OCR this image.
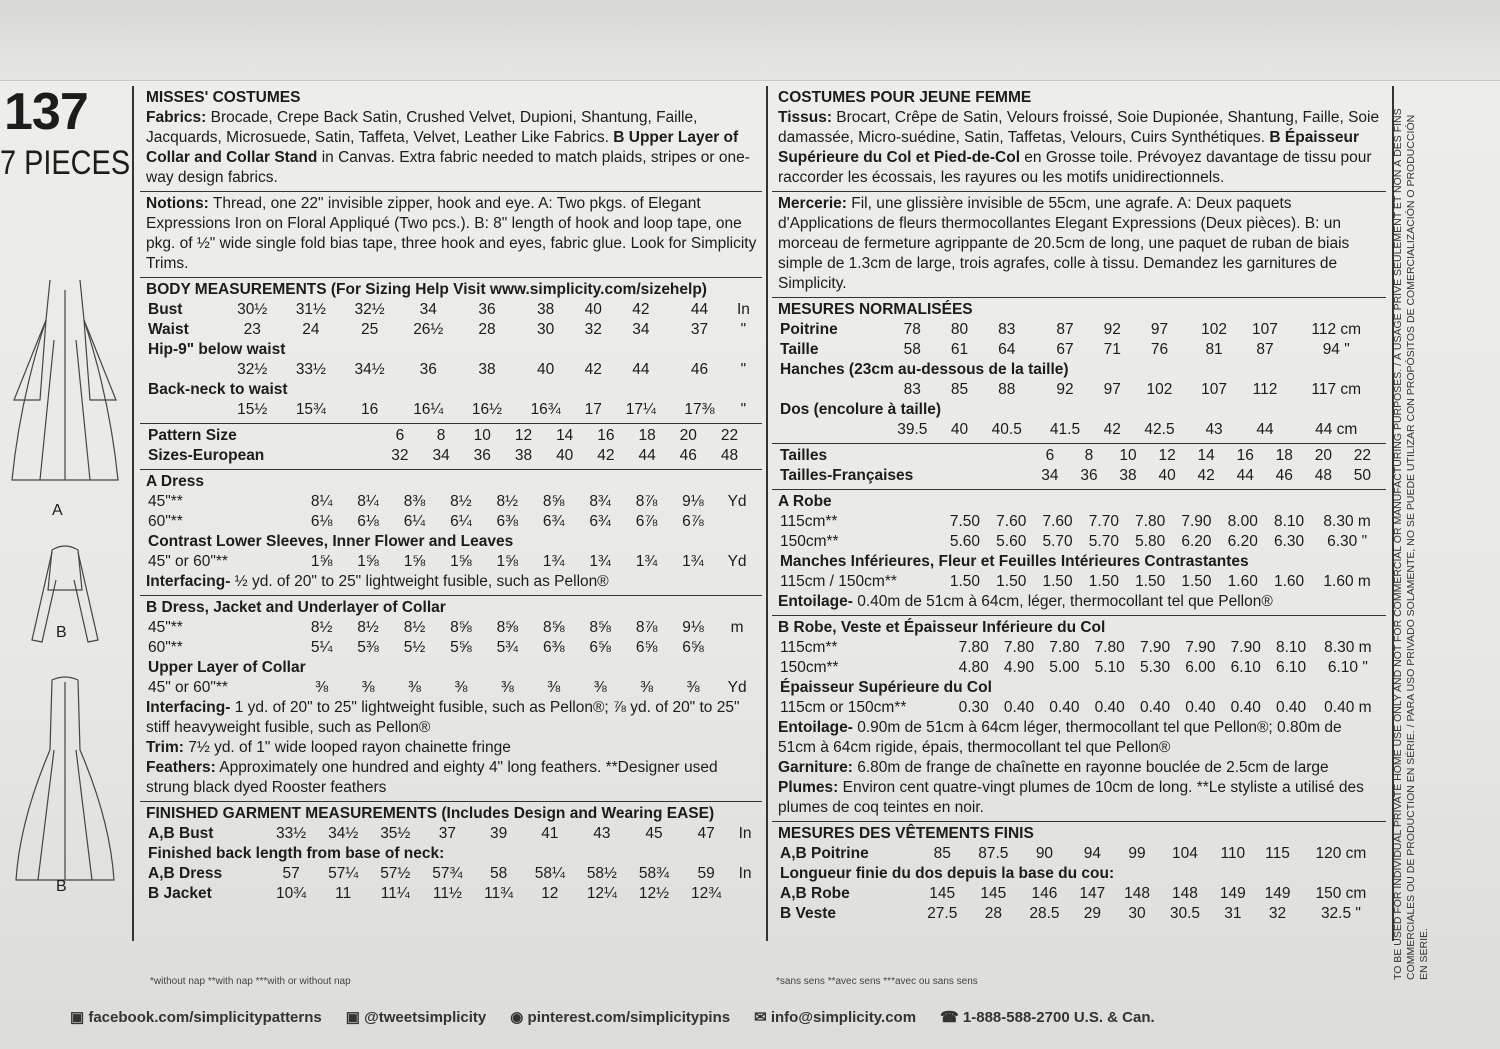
137
7 PIECES
A
B
B
MISSES' COSTUMES

Fabrics: Brocade, Crepe Back Satin, Crushed Velvet, Dupioni, Shantung, Faille, Jacquards, Microsuede, Satin, Taffeta, Velvet, Leather Like Fabrics. B Upper Layer of Collar and Collar Stand in Canvas. Extra fabric needed to match plaids, stripes or one-way design fabrics.

Notions: Thread, one 22" invisible zipper, hook and eye. A: Two pkgs. of Elegant Expressions Iron on Floral Appliqué (Two pcs.). B: 8" length of hook and loop tape, one pkg. of ½" wide single fold bias tape, three hook and eyes, fabric glue. Look for Simplicity Trims.

BODY MEASUREMENTS (For Sizing Help Visit www.simplicity.com/sizehelp)
Bust	30½	31½	32½	34	36	38	40	42	44	In
Waist	23	24	25	26½	28	30	32	34	37	"
Hip-9" below waist										
	32½	33½	34½	36	38	40	42	44	46	"
Back-neck to waist										
	15½	15¾	16	16¼	16½	16¾	17	17¼	17⅜	"
Pattern Size	6	8	10	12	14	16	18	20	22	
Sizes-European	32	34	36	38	40	42	44	46	48	
A Dress
45"**	8¼	8¼	8⅜	8½	8½	8⅝	8¾	8⅞	9⅛	Yd
60"**	6⅛	6⅛	6¼	6¼	6⅜	6¾	6¾	6⅞	6⅞	
Contrast Lower Sleeves, Inner Flower and Leaves										
45" or 60"**	1⅝	1⅝	1⅝	1⅝	1⅝	1¾	1¾	1¾	1¾	Yd

Interfacing- ½ yd. of 20" to 25" lightweight fusible, such as Pellon®

B Dress, Jacket and Underlayer of Collar
45"**	8½	8½	8½	8⅝	8⅝	8⅝	8⅝	8⅞	9⅛	m
60"**	5¼	5⅜	5½	5⅝	5¾	6⅜	6⅝	6⅝	6⅝	
Upper Layer of Collar										
45" or 60"**	⅜	⅜	⅜	⅜	⅜	⅜	⅜	⅜	⅜	Yd

Interfacing- 1 yd. of 20" to 25" lightweight fusible, such as Pellon®; ⅞ yd. of 20" to 25" stiff heavyweight fusible, such as Pellon®

Trim: 7½ yd. of 1" wide looped rayon chainette fringe

Feathers: Approximately one hundred and eighty 4" long feathers. **Designer used strung black dyed Rooster feathers

FINISHED GARMENT MEASUREMENTS (Includes Design and Wearing EASE)
A,B Bust	33½	34½	35½	37	39	41	43	45	47	In
Finished back length from base of neck:										
A,B Dress	57	57¼	57½	57¾	58	58¼	58½	58¾	59	In
B Jacket	10¾	11	11¼	11½	11¾	12	12¼	12½	12¾	
COSTUMES POUR JEUNE FEMME

Tissus: Brocart, Crêpe de Satin, Velours froissé, Soie Dupionée, Shantung, Faille, Soie damassée, Micro-suédine, Satin, Taffetas, Velours, Cuirs Synthétiques. B Épaisseur Supérieure du Col et Pied-de-Col en Grosse toile. Prévoyez davantage de tissu pour raccorder les écossais, les rayures ou les motifs unidirectionnels.

Mercerie: Fil, une glissière invisible de 55cm, une agrafe. A: Deux paquets d'Applications de fleurs thermocollantes Elegant Expressions (Deux pièces). B: un morceau de fermeture agrippante de 20.5cm de long, une paquet de ruban de biais simple de 1.3cm de large, trois agrafes, colle à tissu. Demandez les garnitures de Simplicity.

MESURES NORMALISÉES
Poitrine	78	80	83	87	92	97	102	107	112 cm
Taille	58	61	64	67	71	76	81	87	94 "
Hanches (23cm au-dessous de la taille)									
	83	85	88	92	97	102	107	112	117 cm
Dos (encolure à taille)									
	39.5	40	40.5	41.5	42	42.5	43	44	44 cm
Tailles	6	8	10	12	14	16	18	20	22
Tailles-Françaises	34	36	38	40	42	44	46	48	50
A Robe
115cm**	7.50	7.60	7.60	7.70	7.80	7.90	8.00	8.10	8.30 m
150cm**	5.60	5.60	5.70	5.70	5.80	6.20	6.20	6.30	6.30 "
Manches Inférieures, Fleur et Feuilles Intérieures Contrastantes									
115cm / 150cm**	1.50	1.50	1.50	1.50	1.50	1.50	1.60	1.60	1.60 m

Entoilage- 0.40m de 51cm à 64cm, léger, thermocollant tel que Pellon®

B Robe, Veste et Épaisseur Inférieure du Col
115cm**	7.80	7.80	7.80	7.80	7.90	7.90	7.90	8.10	8.30 m
150cm**	4.80	4.90	5.00	5.10	5.30	6.00	6.10	6.10	6.10 "
Épaisseur Supérieure du Col									
115cm or 150cm**	0.30	0.40	0.40	0.40	0.40	0.40	0.40	0.40	0.40 m

Entoilage- 0.90m de 51cm à 64cm léger, thermocollant tel que Pellon®; 0.80m de 51cm à 64cm rigide, épais, thermocollant tel que Pellon®

Garniture: 6.80m de frange de chaînette en rayonne bouclée de 2.5cm de large

Plumes: Environ cent quatre-vingt plumes de 10cm de long. **Le styliste a utilisé des plumes de coq teintes en noir.

MESURES DES VÊTEMENTS FINIS
A,B Poitrine	85	87.5	90	94	99	104	110	115	120 cm
Longueur finie du dos depuis la base du cou:									
A,B Robe	145	145	146	147	148	148	149	149	150 cm
B Veste	27.5	28	28.5	29	30	30.5	31	32	32.5 "
*without nap **with nap ***with or without nap	*sans sens **avec sens ***avec ou sans sens
TO BE USED FOR INDIVIDUAL PRIVATE HOME USE ONLY AND NOT FOR COMMERCIAL OR MANUFACTURING PURPOSES. / À USAGE PRIVÉ SEULEMENT ET NON À DES FINS COMMERCIALES OU DE PRODUCTION EN SÉRIE. / PARA USO PRIVADO SOLAMENTE, NO SE PUEDE UTILIZAR CON PROPÓSITOS DE COMERCIALIZACIÓN O PRODUCCIÓN EN SERIE.
▣ facebook.com/simplicitypatterns ▣ @tweetsimplicity ◉ pinterest.com/simplicitypins ✉ info@simplicity.com ☎ 1-888-588-2700 U.S. & Can.
